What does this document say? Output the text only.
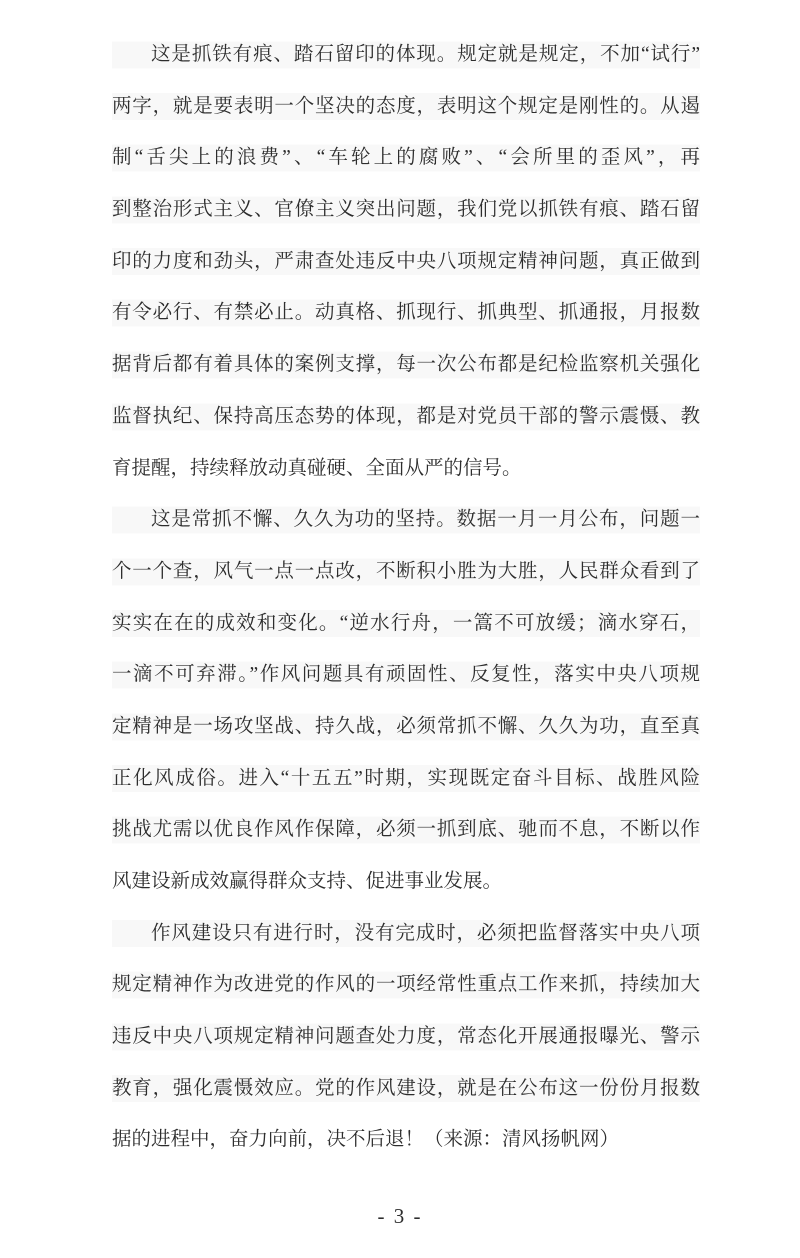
这是抓铁有痕、踏石留印的体现。规定就是规定，不加“试行”
两字，就是要表明一个坚决的态度，表明这个规定是刚性的。从遏
制“舌尖上的浪费”、“车轮上的腐败”、“会所里的歪风”，再
到整治形式主义、官僚主义突出问题，我们党以抓铁有痕、踏石留
印的力度和劲头，严肃查处违反中央八项规定精神问题，真正做到
有令必行、有禁必止。动真格、抓现行、抓典型、抓通报，月报数
据背后都有着具体的案例支撑，每一次公布都是纪检监察机关强化
监督执纪、保持高压态势的体现，都是对党员干部的警示震慑、教
育提醒，持续释放动真碰硬、全面从严的信号。
这是常抓不懈、久久为功的坚持。数据一月一月公布，问题一
个一个查，风气一点一点改，不断积小胜为大胜，人民群众看到了
实实在在的成效和变化。“逆水行舟，一篙不可放缓；滴水穿石，
一滴不可弃滞。”作风问题具有顽固性、反复性，落实中央八项规
定精神是一场攻坚战、持久战，必须常抓不懈、久久为功，直至真
正化风成俗。进入“十五五”时期，实现既定奋斗目标、战胜风险
挑战尤需以优良作风作保障，必须一抓到底、驰而不息，不断以作
风建设新成效赢得群众支持、促进事业发展。
作风建设只有进行时，没有完成时，必须把监督落实中央八项
规定精神作为改进党的作风的一项经常性重点工作来抓，持续加大
违反中央八项规定精神问题查处力度，常态化开展通报曝光、警示
教育，强化震慑效应。党的作风建设，就是在公布这一份份月报数
据的进程中，奋力向前，决不后退！（来源：清风扬帆网）
- 3 -
